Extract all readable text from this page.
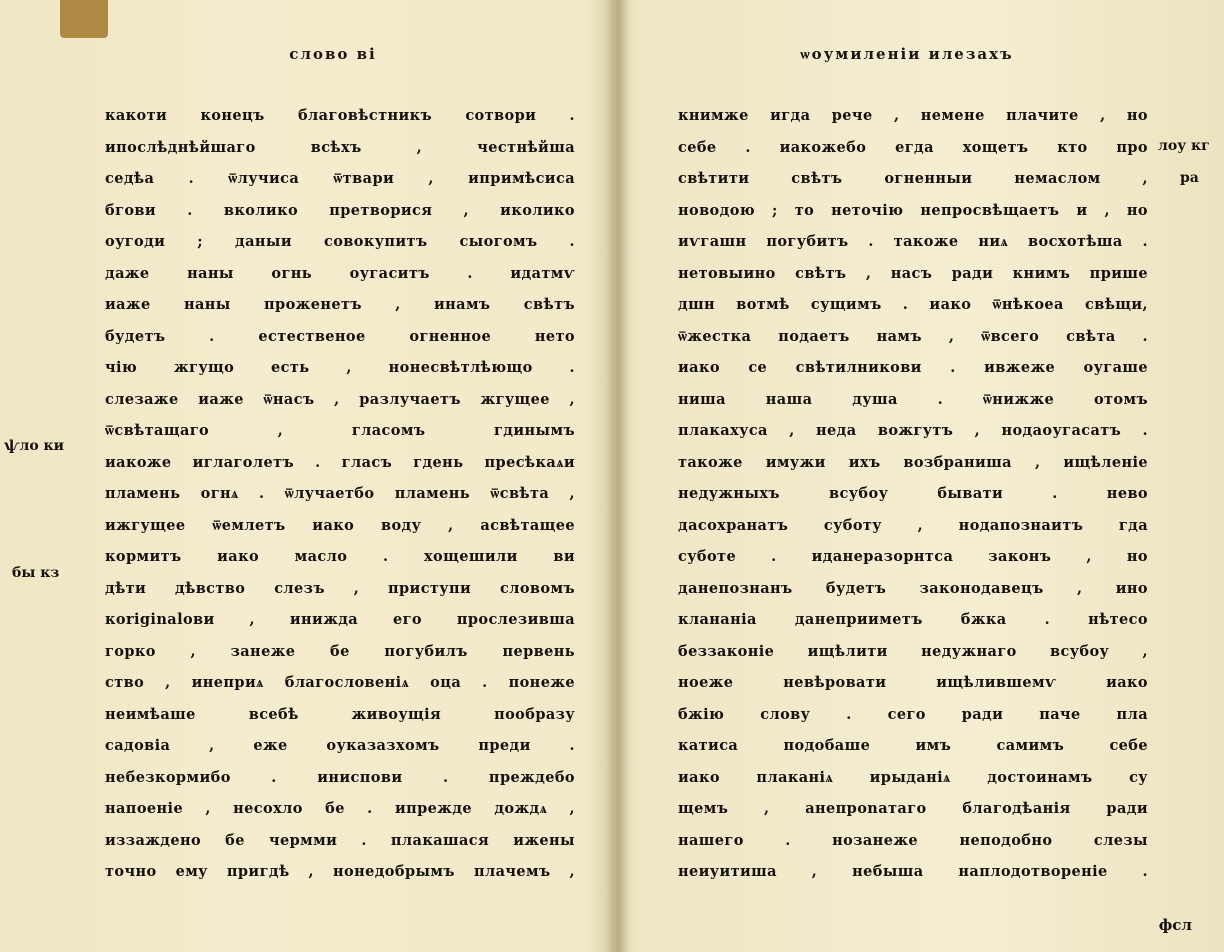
слово ві
какоти конецъ благовѣстникъ сотвори .
ипослѣднѣйшаго всѣхъ , честнѣйша
седѣа . ѿлучиса ѿтвари , ипримѣсиса
бгови . вколико претворися , иколико
оугоди ; даныи совокупитъ сыогомъ .
даже наны огнь оугаситъ . идатмѵ
иаже наны проженетъ , инамъ свѣтъ
будетъ . естественое огненное нето
чію жгущо есть , нонесвѣтлѣющо .
слезаже иаже ѿнасъ , разлучаетъ жгущее ,
ѿсвѣтащаго , гласомъ гдинымъ
иакоже иглаголетъ . гласъ гдень пресѣкаѧи
пламень огнѧ . ѿлучаетбо пламень ѿсвѣта ,
ижгущее ѿемлетъ иако воду , асвѣтащее
кормитъ иако масло . хощешили ви
дѣти дѣвство слезъ , приступи словомъ
кoriginalови , инижда его прослезивша
горко , занеже бе погубилъ первень
ство , инеприѧ благословеніѧ оца . понеже
неимѣаше всебѣ живоущія пообразу
садовіа , еже оуказазхомъ преди .
небезкормибо . иниспови . преждебо
напоеніе , несохло бе . ипреждe дождѧ ,
иззаждено бе чермми . плакашася ижены
точно ему пригдѣ , нонедобрымъ плачемъ ,
ѱло ки
бы кз
ѡоумиленіи илезахъ
книмже игда рече , немене плачите , но
себе . иакожебо егда хощетъ кто про
свѣтити свѣтъ огненныи немаслом ,
новодою ; то неточію непросвѣщаетъ и , но
иѵгашн погубитъ . такоже ниѧ восхотѣша .
нетовыино свѣтъ , насъ ради книмъ прише
дшн вотмѣ сущимъ . иако ѿнѣкоеа свѣщи,
ѿжестка подаетъ намъ , ѿвсего свѣта .
иако се свѣтилникови . ивжеже оугаше
ниша наша душа . ѿнижже отомъ
плакахуса , неда вожгутъ , нодаоугасатъ .
такоже имужи ихъ возбраниша , ищѣленіе
недужныхъ всубоу бывати . нево
дасохранатъ суботу , нодапознаитъ гда
суботе . иданеразорнтса законъ , но
данепознанъ будетъ законодавецъ , ино
клананіа данеприиметъ бжка . нѣтесо
беззаконіе ищѣлити недужнаго всубоу ,
ноеже невѣровати ищѣлившемѵ иако
бжію слову . сего ради паче пла
катиса подобаше имъ самимъ себе
иако плаканіѧ ирыданіѧ достоинамъ су
щемъ , анепроnатаго благодѣанія ради
нашего . нозанеже неподобно слезы
неиуитиша , небыша наплодотвореніе .
лоу кг
ра
фсл
